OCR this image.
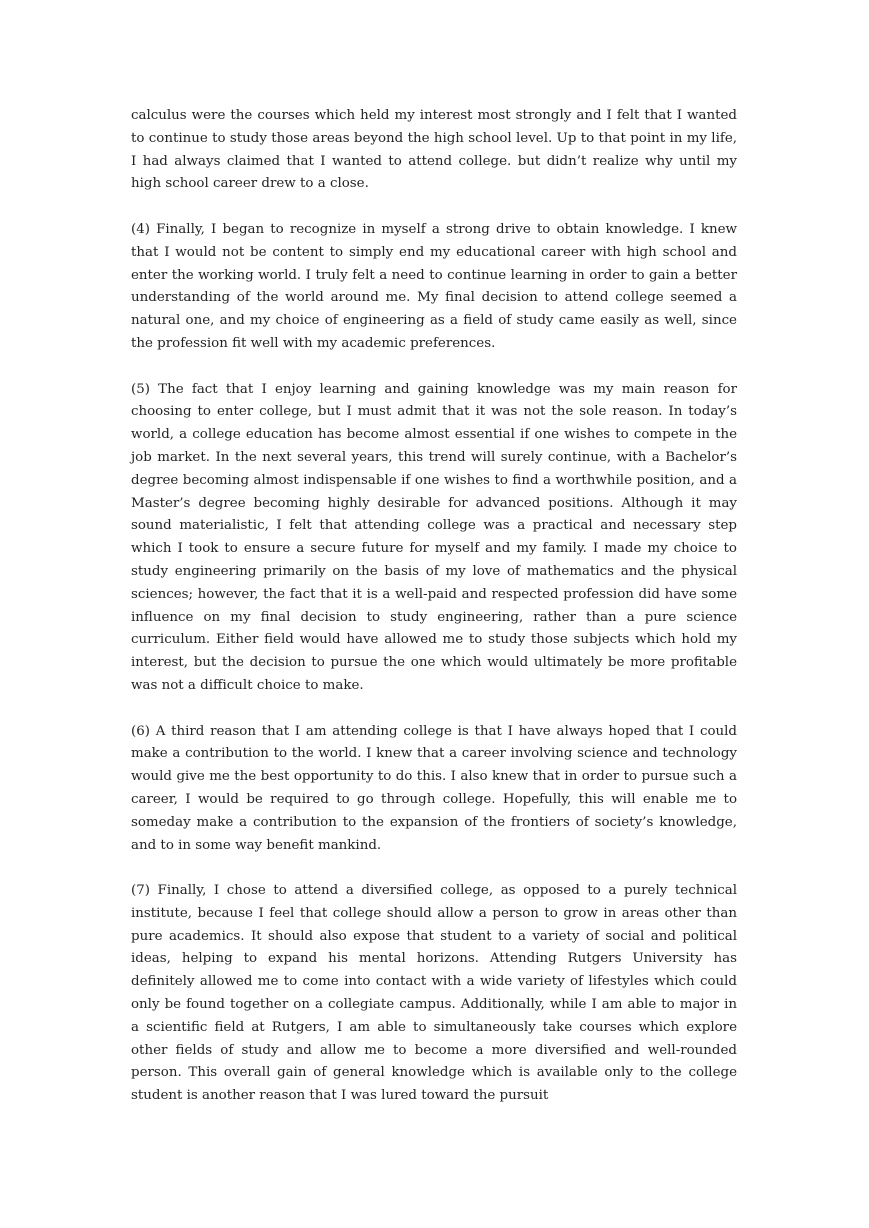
calculus were the courses which held my interest most strongly and I felt that I wanted to continue to study those areas beyond the high school level. Up to that point in my life, I had always claimed that I wanted to attend college. but didn’t realize why until my high school career drew to a close.

(4) Finally, I began to recognize in myself a strong drive to obtain knowledge. I knew that I would not be content to simply end my educational career with high school and enter the working world. I truly felt a need to continue learning in order to gain a better understanding of the world around me. My final decision to attend college seemed a natural one, and my choice of engineering as a field of study came easily as well, since the profession fit well with my academic preferences.

(5) The fact that I enjoy learning and gaining knowledge was my main reason for choosing to enter college, but I must admit that it was not the sole reason. In today’s world, a college education has become almost essential if one wishes to compete in the job market. In the next several years, this trend will surely continue, with a Bachelor’s degree becoming almost indispensable if one wishes to find a worthwhile position, and a Master’s degree becoming highly desirable for advanced positions. Although it may sound materialistic, I felt that attending college was a practical and necessary step which I took to ensure a secure future for myself and my family. I made my choice to study engineering primarily on the basis of my love of mathematics and the physical sciences; however, the fact that it is a well-paid and respected profession did have some influence on my final decision to study engineering, rather than a pure science curriculum. Either field would have allowed me to study those subjects which hold my interest, but the decision to pursue the one which would ultimately be more profitable was not a difficult choice to make.

(6) A third reason that I am attending college is that I have always hoped that I could make a contribution to the world. I knew that a career involving science and technology would give me the best opportunity to do this. I also knew that in order to pursue such a career, I would be required to go through college. Hopefully, this will enable me to someday make a contribution to the expansion of the frontiers of society’s knowledge, and to in some way benefit mankind.

(7) Finally, I chose to attend a diversified college, as opposed to a purely technical institute, because I feel that college should allow a person to grow in areas other than pure academics. It should also expose that student to a variety of social and political ideas, helping to expand his mental horizons. Attending Rutgers University has definitely allowed me to come into contact with a wide variety of lifestyles which could only be found together on a collegiate campus. Additionally, while I am able to major in a scientific field at Rutgers, I am able to simultaneously take courses which explore other fields of study and allow me to become a more diversified and well-rounded person. This overall gain of general knowledge which is available only to the college student is another reason that I was lured toward the pursuit
